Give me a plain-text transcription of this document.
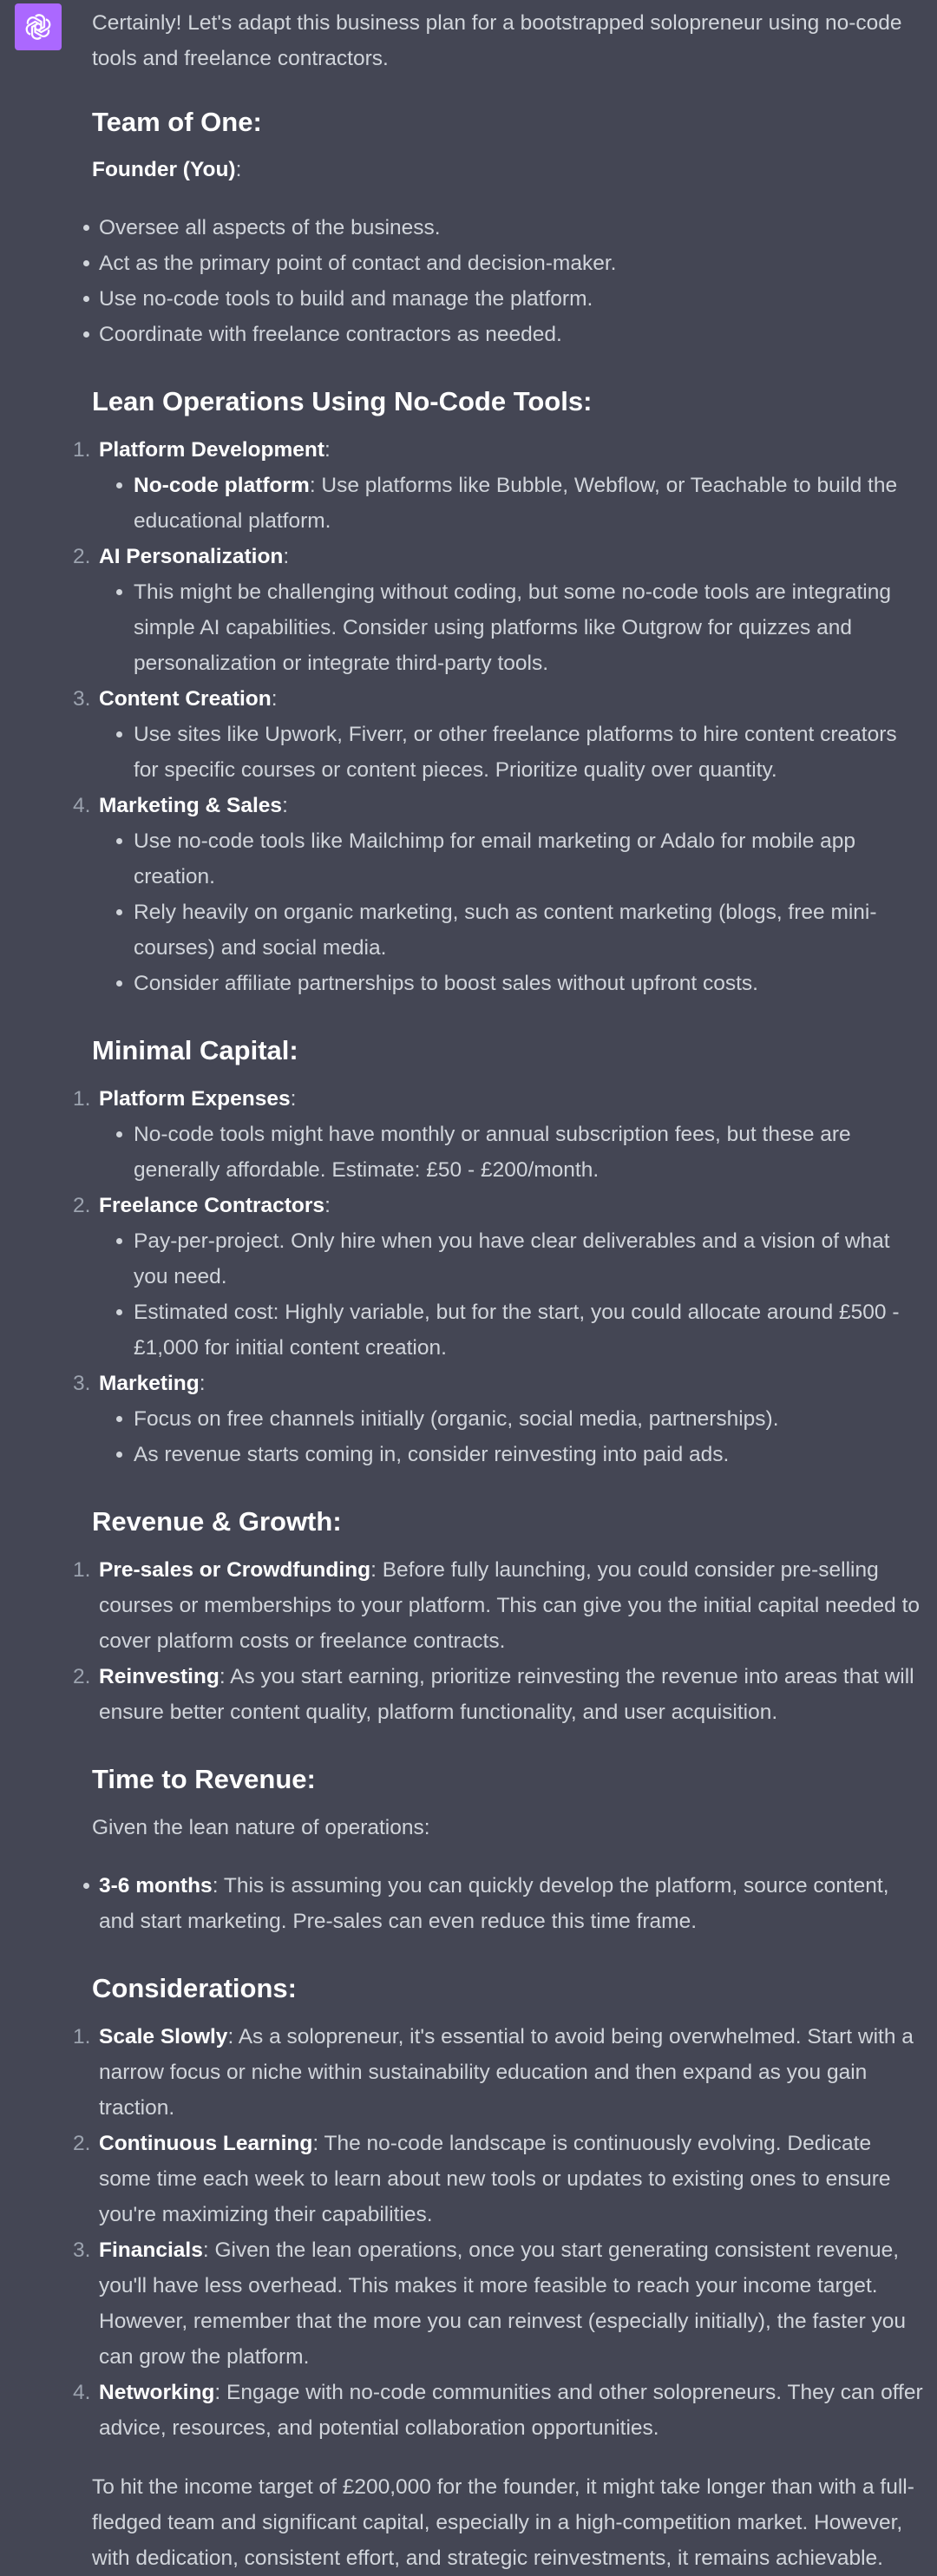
Certainly! Let's adapt this business plan for a bootstrapped solopreneur using no-code tools and freelance contractors.

Team of One:

Founder (You):

Oversee all aspects of the business.
Act as the primary point of contact and decision-maker.
Use no-code tools to build and manage the platform.
Coordinate with freelance contractors as needed.
Lean Operations Using No-Code Tools:
1. Platform Development:
No-code platform: Use platforms like Bubble, Webflow, or Teachable to build the educational platform.
2. AI Personalization:
This might be challenging without coding, but some no-code tools are integrating simple AI capabilities. Consider using platforms like Outgrow for quizzes and personalization or integrate third-party tools.
3. Content Creation:
Use sites like Upwork, Fiverr, or other freelance platforms to hire content creators for specific courses or content pieces. Prioritize quality over quantity.
4. Marketing & Sales:
Use no-code tools like Mailchimp for email marketing or Adalo for mobile app creation.
Rely heavily on organic marketing, such as content marketing (blogs, free mini-courses) and social media.
Consider affiliate partnerships to boost sales without upfront costs.
Minimal Capital:
1. Platform Expenses:
No-code tools might have monthly or annual subscription fees, but these are generally affordable. Estimate: £50 - £200/month.
2. Freelance Contractors:
Pay-per-project. Only hire when you have clear deliverables and a vision of what you need.
Estimated cost: Highly variable, but for the start, you could allocate around £500 - £1,000 for initial content creation.
3. Marketing:
Focus on free channels initially (organic, social media, partnerships).
As revenue starts coming in, consider reinvesting into paid ads.
Revenue & Growth:
1. Pre-sales or Crowdfunding: Before fully launching, you could consider pre-selling courses or memberships to your platform. This can give you the initial capital needed to cover platform costs or freelance contracts.
2. Reinvesting: As you start earning, prioritize reinvesting the revenue into areas that will ensure better content quality, platform functionality, and user acquisition.
Time to Revenue:

Given the lean nature of operations:

3-6 months: This is assuming you can quickly develop the platform, source content, and start marketing. Pre-sales can even reduce this time frame.
Considerations:
1. Scale Slowly: As a solopreneur, it's essential to avoid being overwhelmed. Start with a narrow focus or niche within sustainability education and then expand as you gain traction.
2. Continuous Learning: The no-code landscape is continuously evolving. Dedicate some time each week to learn about new tools or updates to existing ones to ensure you're maximizing their capabilities.
3. Financials: Given the lean operations, once you start generating consistent revenue, you'll have less overhead. This makes it more feasible to reach your income target. However, remember that the more you can reinvest (especially initially), the faster you can grow the platform.
4. Networking: Engage with no-code communities and other solopreneurs. They can offer advice, resources, and potential collaboration opportunities.

To hit the income target of £200,000 for the founder, it might take longer than with a full-fledged team and significant capital, especially in a high-competition market. However, with dedication, consistent effort, and strategic reinvestments, it remains achievable.
